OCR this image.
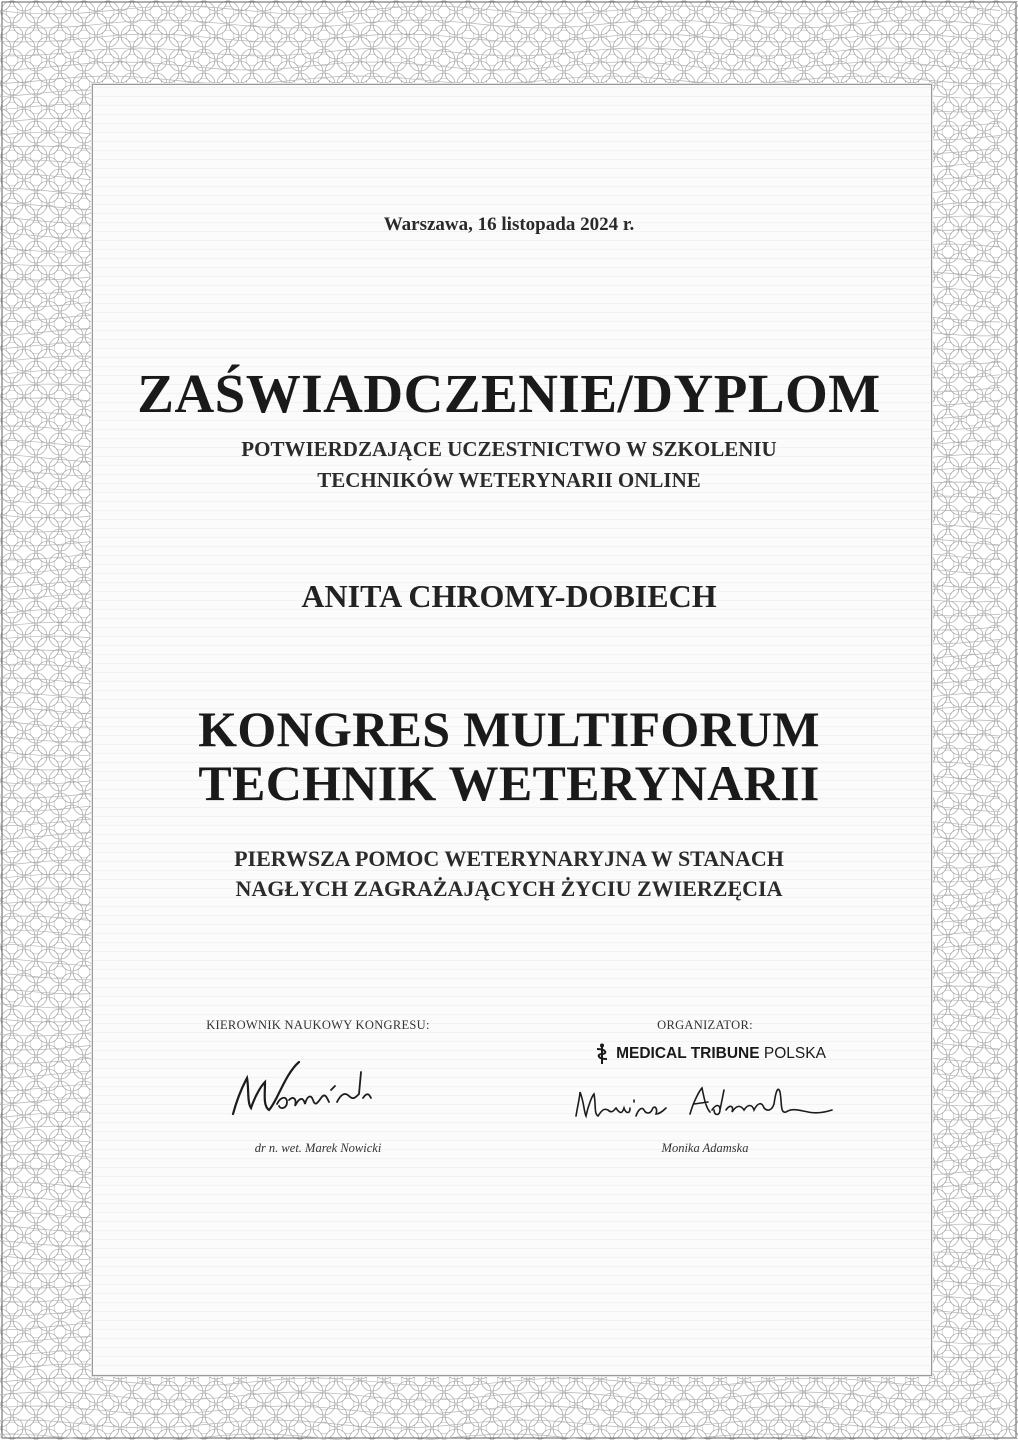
Warszawa, 16 listopada 2024 r.

ZAŚWIADCZENIE/DYPLOM

POTWIERDZAJĄCE UCZESTNICTWO W SZKOLENIU

TECHNIKÓW WETERYNARII ONLINE

ANITA CHROMY-DOBIECH

KONGRES MULTIFORUM
TECHNIK WETERYNARII

PIERWSZA POMOC WETERYNARYJNA W STANACH

NAGŁYCH ZAGRAŻAJĄCYCH ŻYCIU ZWIERZĘCIA

KIEROWNIK NAUKOWY KONGRESU:
dr n. wet. Marek Nowicki
ORGANIZATOR:
MEDICAL TRIBUNE POLSKA
Monika Adamska
